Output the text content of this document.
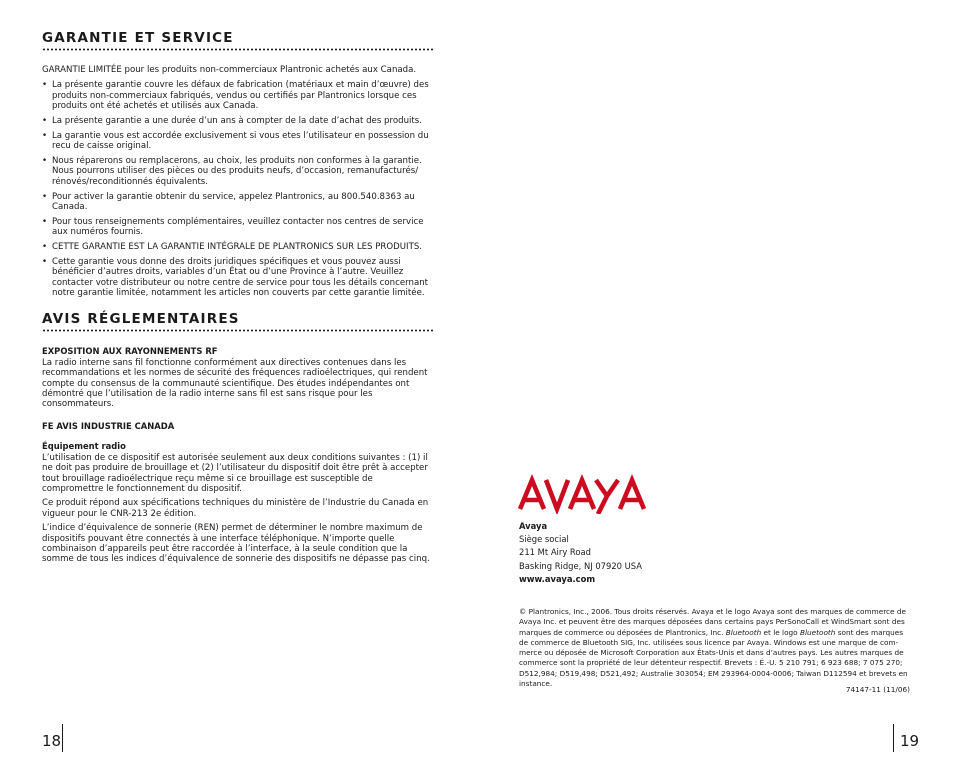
GARANTIE ET SERVICE

GARANTIE LIMITÉE pour les produits non-commerciaux Plantronic achetés aux Canada.

• La présente garantie couvre les défaux de fabrication (matériaux et main d’œuvre) des produits non-commerciaux fabriqués, vendus ou certifiés par Plantronics lorsque ces produits ont été achetés et utilisés aux Canada.
• La présente garantie a une durée d’un ans à compter de la date d’achat des produits.
• La garantie vous est accordée exclusivement si vous etes l’utilisateur en possession du recu de caisse original.
• Nous réparerons ou remplacerons, au choix, les produits non conformes à la garantie. Nous pourrons utiliser des pièces ou des produits neufs, d’occasion, remanufacturés/ rénovés/reconditionnés équivalents.
• Pour activer la garantie obtenir du service, appelez Plantronics, au 800.540.8363 au Canada.
• Pour tous renseignements complémentaires, veuillez contacter nos centres de service aux numéros fournis.
• CETTE GARANTIE EST LA GARANTIE INTÉGRALE DE PLANTRONICS SUR LES PRODUITS.
• Cette garantie vous donne des droits juridiques spécifiques et vous pouvez aussi bénéficier d’autres droits, variables d’un État ou d’une Province à l’autre. Veuillez contacter votre distributeur ou notre centre de service pour tous les détails concernant notre garantie limitée, notamment les articles non couverts par cette garantie limitée.
AVIS RÉGLEMENTAIRES

EXPOSITION AUX RAYONNEMENTS RF

La radio interne sans fil fonctionne conformément aux directives contenues dans les recommandations et les normes de sécurité des fréquences radioélectriques, qui rendent compte du consensus de la communauté scientifique. Des études indépendantes ont démontré que l’utilisation de la radio interne sans fil est sans risque pour les consommateurs.

FE AVIS INDUSTRIE CANADA

Équipement radio

L’utilisation de ce dispositif est autorisée seulement aux deux conditions suivantes : (1) il ne doit pas produire de brouillage et (2) l’utilisateur du dispositif doit être prêt à accepter tout brouillage radioélectrique reçu même si ce brouillage est susceptible de compromettre le fonctionnement du dispositif.

Ce produit répond aux spécifications techniques du ministère de l’Industrie du Canada en vigueur pour le CNR-213 2e édition.

L’indice d’équivalence de sonnerie (REN) permet de déterminer le nombre maximum de dispositifs pouvant être connectés à une interface téléphonique. N’importe quelle combinaison d’appareils peut être raccordée à l’interface, à la seule condition que la somme de tous les indices d’équivalence de sonnerie des dispositifs ne dépasse pas cinq.

18
Avaya
Siège social
211 Mt Airy Road
Basking Ridge, NJ 07920 USA
www.avaya.com

© Plantronics, Inc., 2006. Tous droits réservés. Avaya et le logo Avaya sont des marques de commerce de Avaya Inc. et peuvent être des marques déposées dans certains pays PerSonoCall et WindSmart sont des marques de commerce ou déposées de Plantronics, Inc. Bluetooth et le logo Bluetooth sont des marques de commerce de Bluetooth SIG, Inc. utilisées sous licence par Avaya. Windows est une marque de com-merce ou déposée de Microsoft Corporation aux États-Unis et dans d’autres pays. Les autres marques de commerce sont la propriété de leur détenteur respectif. Brevets : É.-U. 5 210 791; 6 923 688; 7 075 270; D512,984; D519,498; D521,492; Australie 303054; EM 293964-0004-0006; Taiwan D112594 et brevets en instance.

74147-11 (11/06)
19
